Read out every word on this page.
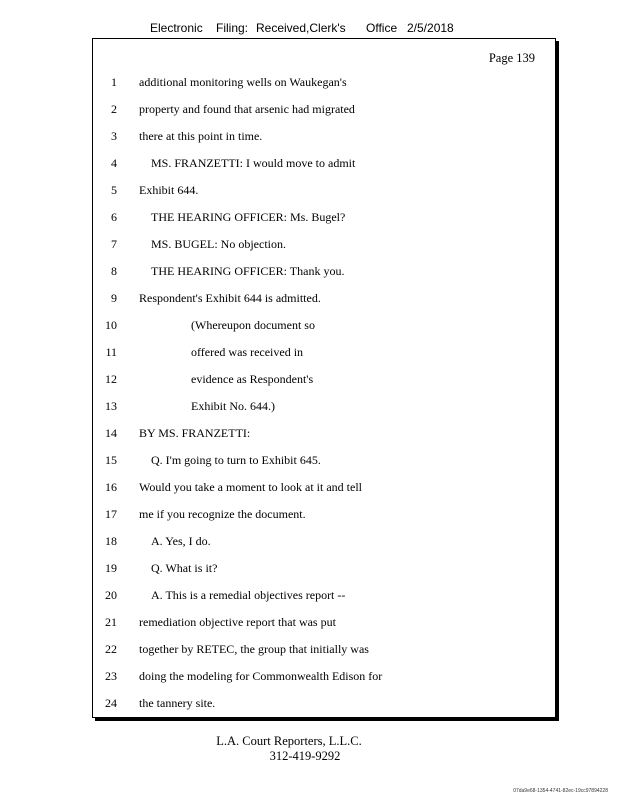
Electronic Filing: Received,Clerk's Office 2/5/2018
Page 139
1 additional monitoring wells on Waukegan's
2 property and found that arsenic had migrated
3 there at this point in time.
4	MS. FRANZETTI: I would move to admit
5 Exhibit 644.
6	THE HEARING OFFICER: Ms. Bugel?
7	MS. BUGEL: No objection.
8	THE HEARING OFFICER: Thank you.
9 Respondent's Exhibit 644 is admitted.
10	(Whereupon document so
11	offered was received in
12	evidence as Respondent's
13	Exhibit No. 644.)
14 BY MS. FRANZETTI:
15	Q. I'm going to turn to Exhibit 645.
16 Would you take a moment to look at it and tell
17 me if you recognize the document.
18	A. Yes, I do.
19	Q. What is it?
20	A. This is a remedial objectives report --
21 remediation objective report that was put
22 together by RETEC, the group that initially was
23 doing the modeling for Commonwealth Edison for
24 the tannery site.
L.A. Court Reporters, L.L.C.
312-419-9292
07da9e68-1354-4741-82ec-19cc97894228
